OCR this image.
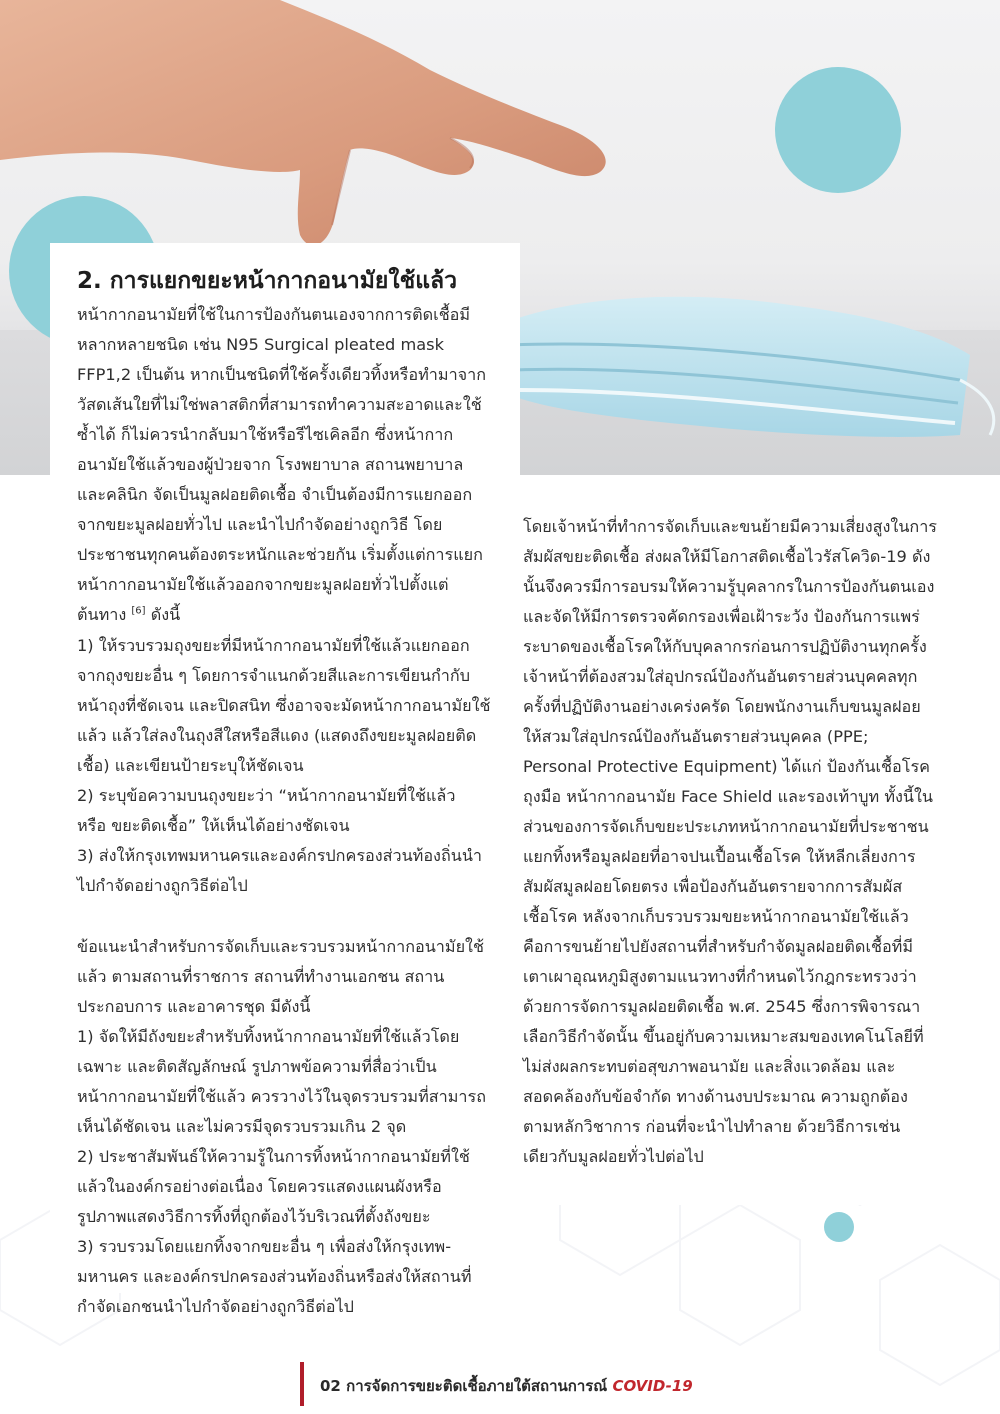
2. การแยกขยะหน้ากากอนามัยใช้แล้ว

หน้ากากอนามัยที่ใช้ในการป้องกันตนเองจากการติดเชื้อมี

หลากหลายชนิด เช่น N95 Surgical pleated mask

FFP1,2 เป็นต้น หากเป็นชนิดที่ใช้ครั้งเดียวทิ้งหรือทำมาจาก

วัสดเส้นใยที่ไม่ใช่พลาสติกที่สามารถทำความสะอาดและใช้

ซ้ำได้ ก็ไม่ควรนำกลับมาใช้หรือรีไซเคิลอีก ซึ่งหน้ากาก

อนามัยใช้แล้วของผู้ป่วยจาก โรงพยาบาล สถานพยาบาล

และคลินิก จัดเป็นมูลฝอยติดเชื้อ จำเป็นต้องมีการแยกออก

จากขยะมูลฝอยทั่วไป และนำไปกำจัดอย่างถูกวิธี โดย

ประชาชนทุกคนต้องตระหนักและช่วยกัน เริ่มตั้งแต่การแยก

หน้ากากอนามัยใช้แล้วออกจากขยะมูลฝอยทั่วไปตั้งแต่

ต้นทาง [6] ดังนี้

1) ให้รวบรวมถุงขยะที่มีหน้ากากอนามัยที่ใช้แล้วแยกออก

จากถุงขยะอื่น ๆ โดยการจำแนกด้วยสีและการเขียนกำกับ

หน้าถุงที่ชัดเจน และปิดสนิท ซึ่งอาจจะมัดหน้ากากอนามัยใช้

แล้ว แล้วใส่ลงในถุงสีใสหรือสีแดง (แสดงถึงขยะมูลฝอยติด

เชื้อ) และเขียนป้ายระบุให้ชัดเจน

2) ระบุข้อความบนถุงขยะว่า “หน้ากากอนามัยที่ใช้แล้ว

หรือ ขยะติดเชื้อ” ให้เห็นได้อย่างชัดเจน

3) ส่งให้กรุงเทพมหานครและองค์กรปกครองส่วนท้องถิ่นนำ

ไปกำจัดอย่างถูกวิธีต่อไป

ข้อแนะนำสำหรับการจัดเก็บและรวบรวมหน้ากากอนามัยใช้

แล้ว ตามสถานที่ราชการ สถานที่ทำงานเอกชน สถาน

ประกอบการ และอาคารชุด มีดังนี้

1) จัดให้มีถังขยะสำหรับทิ้งหน้ากากอนามัยที่ใช้แล้วโดย

เฉพาะ และติดสัญลักษณ์ รูปภาพข้อความที่สื่อว่าเป็น

หน้ากากอนามัยที่ใช้แล้ว ควรวางไว้ในจุดรวบรวมที่สามารถ

เห็นได้ชัดเจน และไม่ควรมีจุดรวบรวมเกิน 2 จุด

2) ประชาสัมพันธ์ให้ความรู้ในการทิ้งหน้ากากอนามัยที่ใช้

แล้วในองค์กรอย่างต่อเนื่อง โดยควรแสดงแผนผังหรือ

รูปภาพแสดงวิธีการทิ้งที่ถูกต้องไว้บริเวณที่ตั้งถังขยะ

3) รวบรวมโดยแยกทิ้งจากขยะอื่น ๆ เพื่อส่งให้กรุงเทพ-

มหานคร และองค์กรปกครองส่วนท้องถิ่นหรือส่งให้สถานที่

กำจัดเอกชนนำไปกำจัดอย่างถูกวิธีต่อไป

โดยเจ้าหน้าที่ทำการจัดเก็บและขนย้ายมีความเสี่ยงสูงในการ

สัมผัสขยะติดเชื้อ ส่งผลให้มีโอกาสติดเชื้อไวรัสโควิด-19 ดัง

นั้นจึงควรมีการอบรมให้ความรู้บุคลากรในการป้องกันตนเอง

และจัดให้มีการตรวจคัดกรองเพื่อเฝ้าระวัง ป้องกันการแพร่

ระบาดของเชื้อโรคให้กับบุคลากรก่อนการปฏิบัติงานทุกครั้ง

เจ้าหน้าที่ต้องสวมใส่อุปกรณ์ป้องกันอันตรายส่วนบุคคลทุก

ครั้งที่ปฏิบัติงานอย่างเคร่งครัด โดยพนักงานเก็บขนมูลฝอย

ให้สวมใส่อุปกรณ์ป้องกันอันตรายส่วนบุคคล (PPE;

Personal Protective Equipment) ได้แก่ ป้องกันเชื้อโรค

ถุงมือ หน้ากากอนามัย Face Shield และรองเท้าบูท ทั้งนี้ใน

ส่วนของการจัดเก็บขยะประเภทหน้ากากอนามัยที่ประชาชน

แยกทิ้งหรือมูลฝอยที่อาจปนเปื้อนเชื้อโรค ให้หลีกเลี่ยงการ

สัมผัสมูลฝอยโดยตรง เพื่อป้องกันอันตรายจากการสัมผัส

เชื้อโรค หลังจากเก็บรวบรวมขยะหน้ากากอนามัยใช้แล้ว

คือการขนย้ายไปยังสถานที่สำหรับกำจัดมูลฝอยติดเชื้อที่มี

เตาเผาอุณหภูมิสูงตามแนวทางที่กำหนดไว้กฎกระทรวงว่า

ด้วยการจัดการมูลฝอยติดเชื้อ พ.ศ. 2545 ซึ่งการพิจารณา

เลือกวิธีกำจัดนั้น ขึ้นอยู่กับความเหมาะสมของเทคโนโลยีที่

ไม่ส่งผลกระทบต่อสุขภาพอนามัย และสิ่งแวดล้อม และ

สอดคล้องกับข้อจำกัด ทางด้านงบประมาณ ความถูกต้อง

ตามหลักวิชาการ ก่อนที่จะนำไปทำลาย ด้วยวิธีการเช่น

เดียวกับมูลฝอยทั่วไปต่อไป

02 การจัดการขยะติดเชื้อภายใต้สถานการณ์ COVID-19
